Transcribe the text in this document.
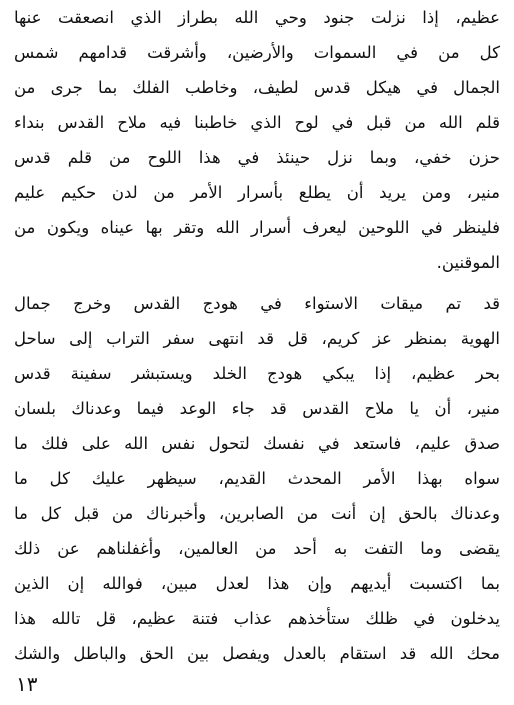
عظيم، إذا نزلت جنود وحي الله بطراز الذي انصعقت عنها
كل من في السموات والأرضين، وأشرقت قدامهم شمس
الجمال في هيكل قدس لطيف، وخاطب الفلك بما جرى من
قلم الله من قبل في لوح الذي خاطبنا فيه ملاح القدس بنداء
حزن خفي، وبما نزل حينئذ في هذا اللوح من قلم قدس
منير، ومن يريد أن يطلع بأسرار الأمر من لدن حكيم عليم
فلينظر في اللوحين ليعرف أسرار الله وتقر بها عيناه ويكون من
الموقنين.
قد تم ميقات الاستواء في هودج القدس وخرج جمال
الهوية بمنظر عز كريم، قل قد انتهى سفر التراب إلى ساحل
بحر عظيم، إذا يبكي هودج الخلد ويستبشر سفينة قدس
منير، أن يا ملاح القدس قد جاء الوعد فيما وعدناك بلسان
صدق عليم، فاستعد في نفسك لتحول نفس الله على فلك ما
سواه بهذا الأمر المحدث القديم، سيظهر عليك كل ما
وعدناك بالحق إن أنت من الصابرين، وأخبرناك من قبل كل ما
يقضى وما التفت به أحد من العالمين، وأغفلناهم عن ذلك
بما اكتسبت أيديهم وإن هذا لعدل مبين، فوالله إن الذين
يدخلون في ظلك ستأخذهم عذاب فتنة عظيم، قل تالله هذا
محك الله قد استقام بالعدل ويفصل بين الحق والباطل والشك
١٣
